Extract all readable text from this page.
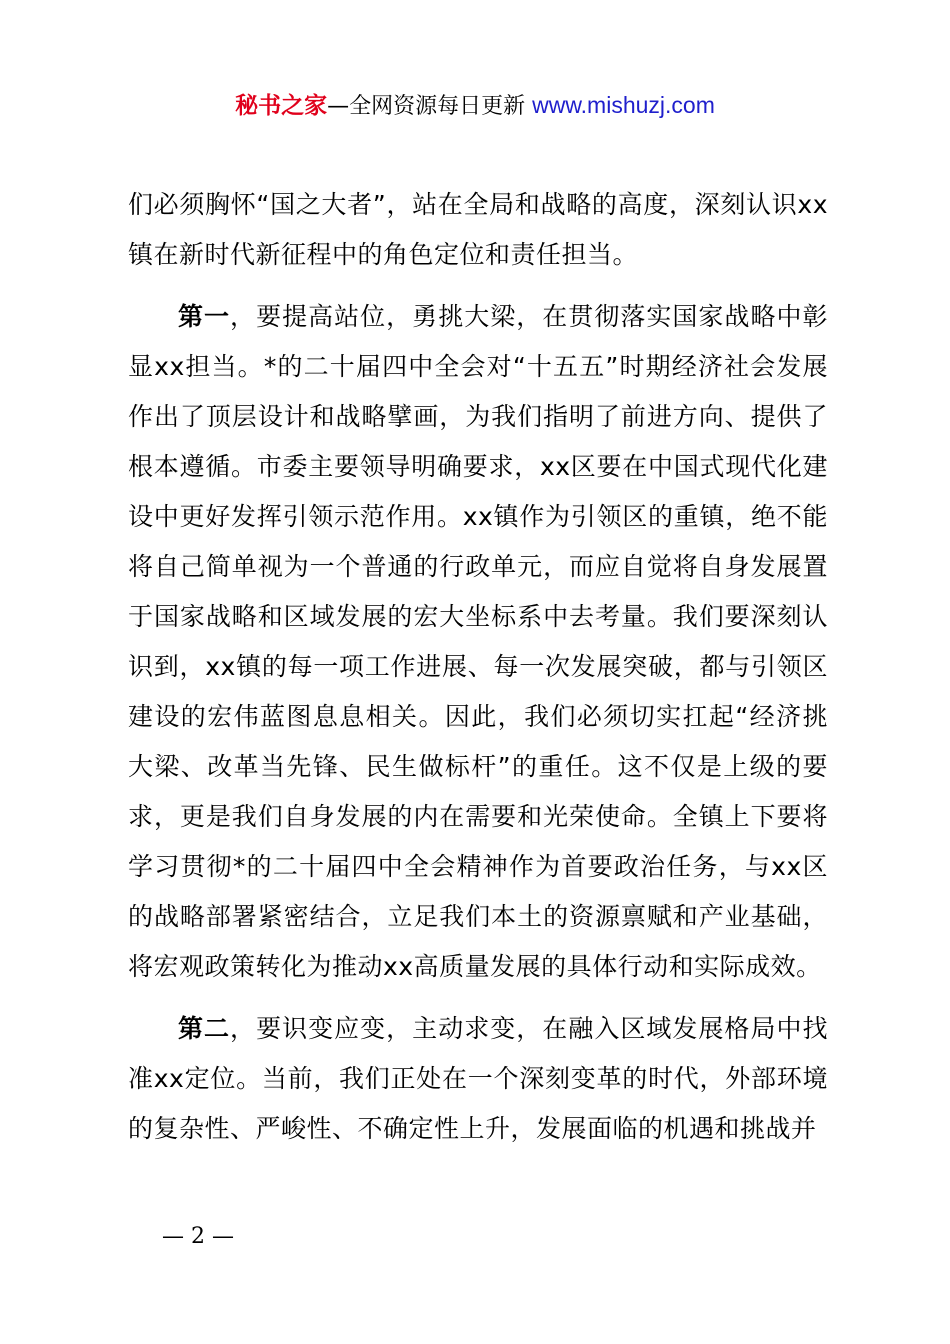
秘书之家—全网资源每日更新 www.mishuzj.com

们必须胸怀“国之大者”，站在全局和战略的高度，深刻认识xx镇在新时代新征程中的角色定位和责任担当。

第一，要提高站位，勇挑大梁，在贯彻落实国家战略中彰显xx担当。*的二十届四中全会对“十五五”时期经济社会发展作出了顶层设计和战略擘画，为我们指明了前进方向、提供了根本遵循。市委主要领导明确要求，xx区要在中国式现代化建设中更好发挥引领示范作用。xx镇作为引领区的重镇，绝不能将自己简单视为一个普通的行政单元，而应自觉将自身发展置于国家战略和区域发展的宏大坐标系中去考量。我们要深刻认识到，xx镇的每一项工作进展、每一次发展突破，都与引领区建设的宏伟蓝图息息相关。因此，我们必须切实扛起“经济挑大梁、改革当先锋、民生做标杆”的重任。这不仅是上级的要求，更是我们自身发展的内在需要和光荣使命。全镇上下要将学习贯彻*的二十届四中全会精神作为首要政治任务，与xx区的战略部署紧密结合，立足我们本土的资源禀赋和产业基础，将宏观政策转化为推动xx高质量发展的具体行动和实际成效。

第二，要识变应变，主动求变，在融入区域发展格局中找准xx定位。当前，我们正处在一个深刻变革的时代，外部环境的复杂性、严峻性、不确定性上升，发展面临的机遇和挑战并

— 2 —
